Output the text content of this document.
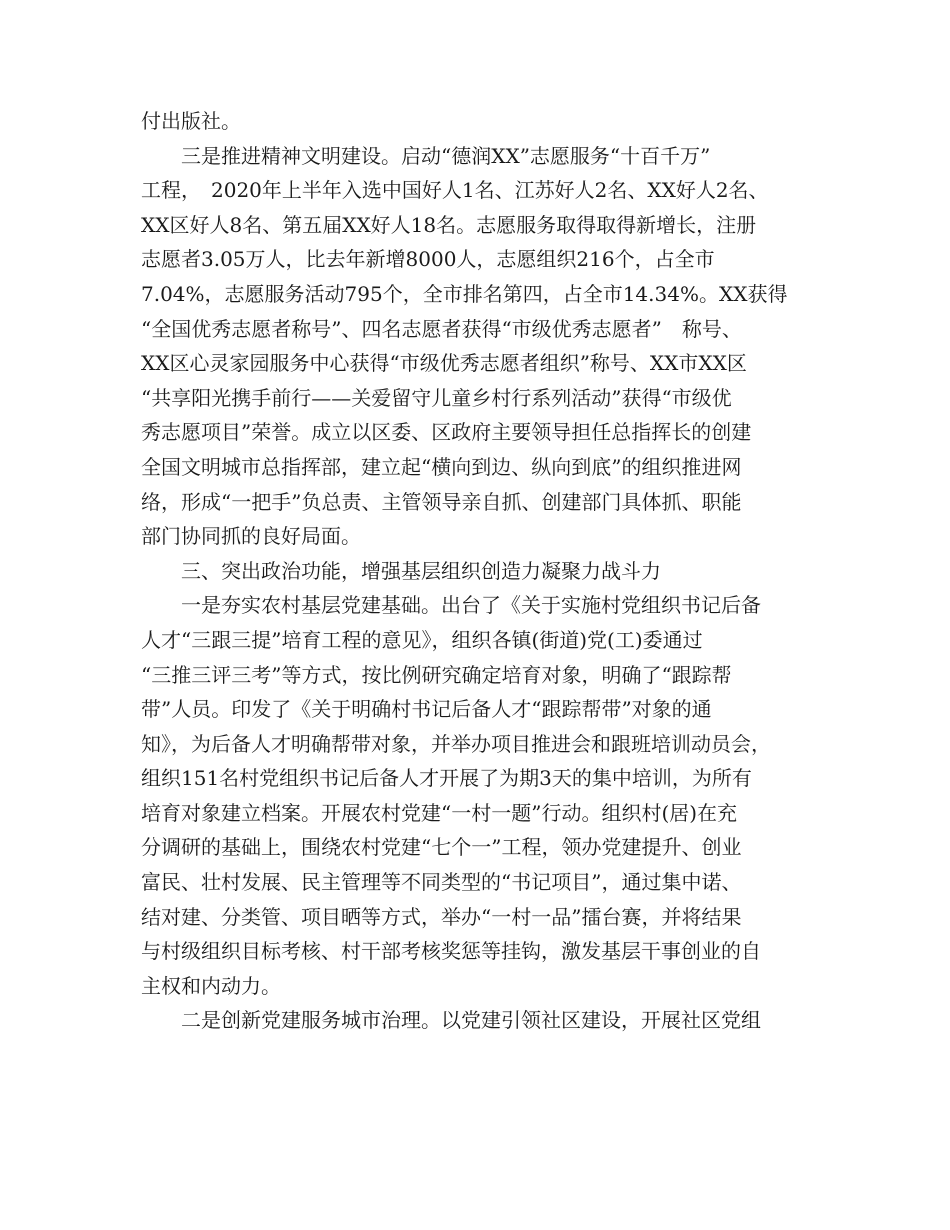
付出版社。

　　三是推进精神文明建设。启动“德润XX”志愿服务“十百千万”
工程，　2020年上半年入选中国好人1名、江苏好人2名、XX好人2名、
XX区好人8名、第五届XX好人18名。志愿服务取得取得新增长，注册
志愿者3.05万人，比去年新增8000人，志愿组织216个，占全市
7.04%，志愿服务活动795个，全市排名第四，占全市14.34%。XX获得
“全国优秀志愿者称号”、四名志愿者获得“市级优秀志愿者”　称号、
XX区心灵家园服务中心获得“市级优秀志愿者组织”称号、XX市XX区
“共享阳光携手前行——关爱留守儿童乡村行系列活动”获得“市级优
秀志愿项目”荣誉。成立以区委、区政府主要领导担任总指挥长的创建
全国文明城市总指挥部，建立起“横向到边、纵向到底”的组织推进网
络，形成“一把手”负总责、主管领导亲自抓、创建部门具体抓、职能
部门协同抓的良好局面。

　　三、突出政治功能，增强基层组织创造力凝聚力战斗力

　　一是夯实农村基层党建基础。出台了《关于实施村党组织书记后备
人才“三跟三提”培育工程的意见》，组织各镇(街道)党(工)委通过
“三推三评三考”等方式，按比例研究确定培育对象，明确了“跟踪帮
带”人员。印发了《关于明确村书记后备人才“跟踪帮带”对象的通
知》，为后备人才明确帮带对象，并举办项目推进会和跟班培训动员会，
组织151名村党组织书记后备人才开展了为期3天的集中培训，为所有
培育对象建立档案。开展农村党建“一村一题”行动。组织村(居)在充
分调研的基础上，围绕农村党建“七个一”工程，领办党建提升、创业
富民、壮村发展、民主管理等不同类型的“书记项目”，通过集中诺、
结对建、分类管、项目晒等方式，举办“一村一品”擂台赛，并将结果
与村级组织目标考核、村干部考核奖惩等挂钩，激发基层干事创业的自
主权和内动力。

　　二是创新党建服务城市治理。以党建引领社区建设，开展社区党组
